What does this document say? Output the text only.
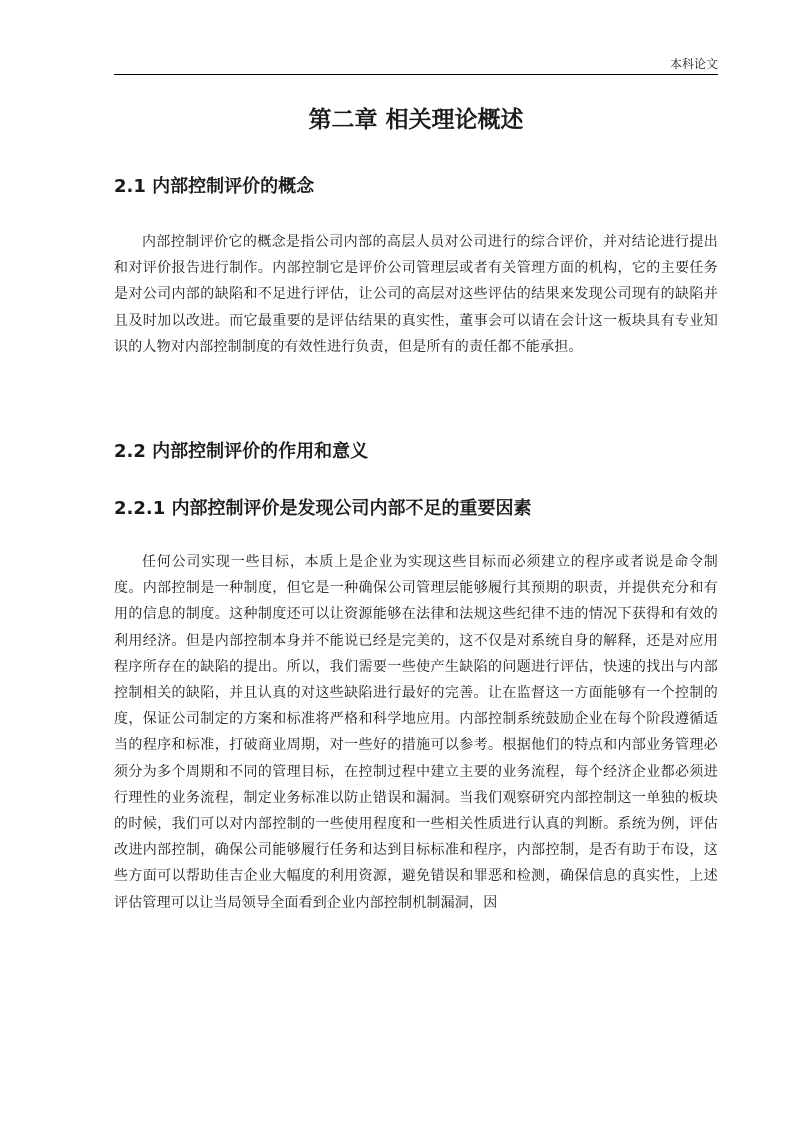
本科论文
第二章 相关理论概述
2.1 内部控制评价的概念

内部控制评价它的概念是指公司内部的高层人员对公司进行的综合评价，并对结论进行提出和对评价报告进行制作。内部控制它是评价公司管理层或者有关管理方面的机构，它的主要任务是对公司内部的缺陷和不足进行评估，让公司的高层对这些评估的结果来发现公司现有的缺陷并且及时加以改进。而它最重要的是评估结果的真实性，董事会可以请在会计这一板块具有专业知识的人物对内部控制制度的有效性进行负责，但是所有的责任都不能承担。

2.2 内部控制评价的作用和意义
2.2.1 内部控制评价是发现公司内部不足的重要因素

任何公司实现一些目标，本质上是企业为实现这些目标而必须建立的程序或者说是命令制度。内部控制是一种制度，但它是一种确保公司管理层能够履行其预期的职责，并提供充分和有用的信息的制度。这种制度还可以让资源能够在法律和法规这些纪律不违的情况下获得和有效的利用经济。但是内部控制本身并不能说已经是完美的，这不仅是对系统自身的解释，还是对应用程序所存在的缺陷的提出。所以，我们需要一些使产生缺陷的问题进行评估，快速的找出与内部控制相关的缺陷，并且认真的对这些缺陷进行最好的完善。让在监督这一方面能够有一个控制的度，保证公司制定的方案和标准将严格和科学地应用。内部控制系统鼓励企业在每个阶段遵循适当的程序和标准，打破商业周期，对一些好的措施可以参考。根据他们的特点和内部业务管理必须分为多个周期和不同的管理目标，在控制过程中建立主要的业务流程，每个经济企业都必须进行理性的业务流程，制定业务标准以防止错误和漏洞。当我们观察研究内部控制这一单独的板块的时候，我们可以对内部控制的一些使用程度和一些相关性质进行认真的判断。系统为例，评估改进内部控制，确保公司能够履行任务和达到目标标准和程序，内部控制，是否有助于布设，这些方面可以帮助佳吉企业大幅度的利用资源，避免错误和罪恶和检测，确保信息的真实性，上述评估管理可以让当局领导全面看到企业内部控制机制漏洞，因
